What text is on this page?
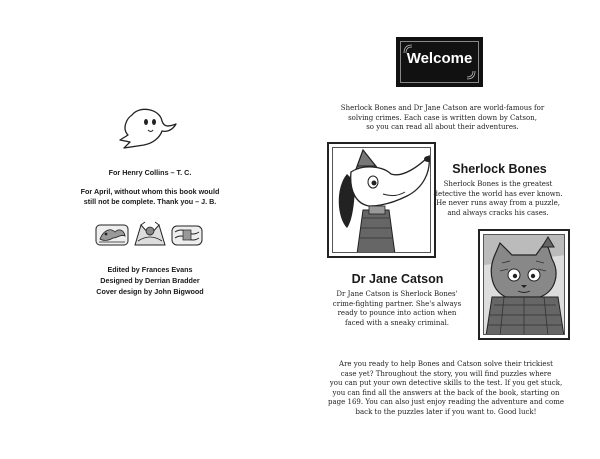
For Henry Collins – T. C.
For April, without whom this book would
still not be complete. Thank you – J. B.
Edited by Frances Evans
Designed by Derrian Bradder
Cover design by John Bigwood
Welcome
Sherlock Bones and Dr Jane Catson are world-famous for
solving crimes. Each case is written down by Catson,
so you can read all about their adventures.
Sherlock Bones
Sherlock Bones is the greatest
detective the world has ever known.
He never runs away from a puzzle,
and always cracks his cases.
Dr Jane Catson
Dr Jane Catson is Sherlock Bones'
crime-fighting partner. She's always
ready to pounce into action when
faced with a sneaky criminal.
Are you ready to help Bones and Catson solve their trickiest
case yet? Throughout the story, you will find puzzles where
you can put your own detective skills to the test. If you get stuck,
you can find all the answers at the back of the book, starting on
page 169. You can also just enjoy reading the adventure and come
back to the puzzles later if you want to. Good luck!
